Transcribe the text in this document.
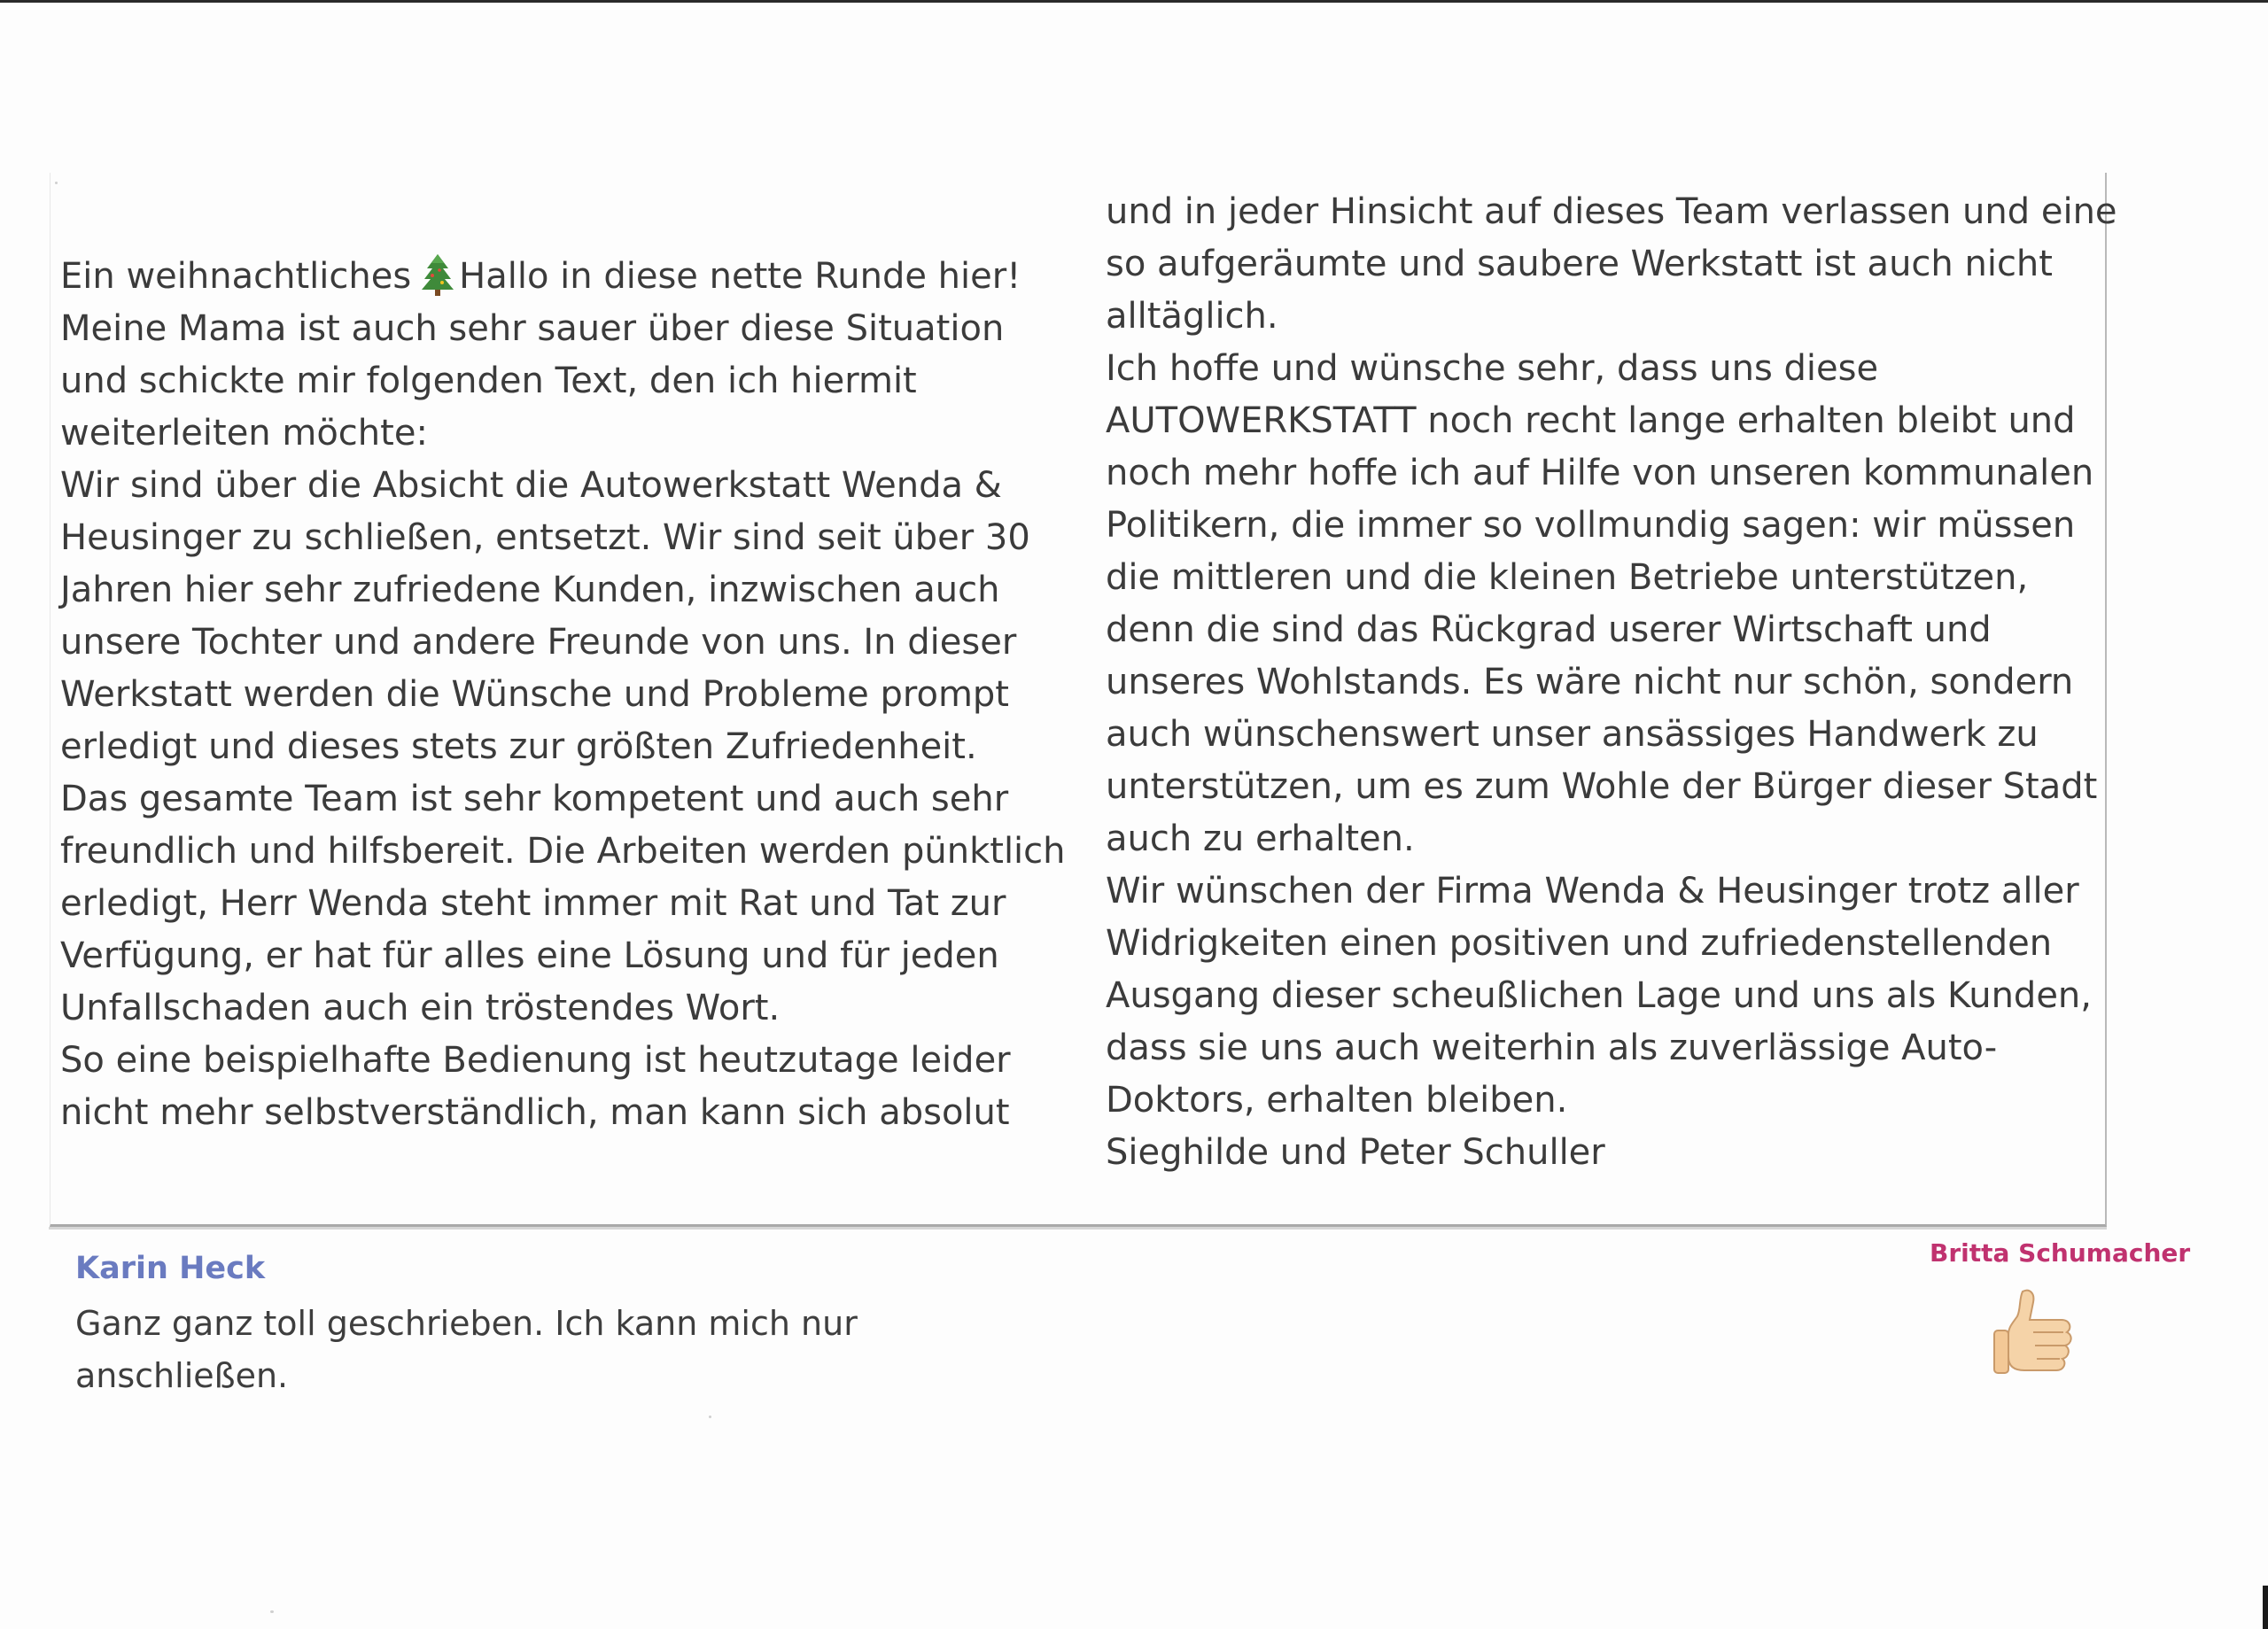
Ein weihnachtliches Hallo in diese nette Runde hier!
Meine Mama ist auch sehr sauer über diese Situation
und schickte mir folgenden Text, den ich hiermit
weiterleiten möchte:
Wir sind über die Absicht die Autowerkstatt Wenda &
Heusinger zu schließen, entsetzt. Wir sind seit über 30
Jahren hier sehr zufriedene Kunden, inzwischen auch
unsere Tochter und andere Freunde von uns. In dieser
Werkstatt werden die Wünsche und Probleme prompt
erledigt und dieses stets zur größten Zufriedenheit.
Das gesamte Team ist sehr kompetent und auch sehr
freundlich und hilfsbereit. Die Arbeiten werden pünktlich
erledigt, Herr Wenda steht immer mit Rat und Tat zur
Verfügung, er hat für alles eine Lösung und für jeden
Unfallschaden auch ein tröstendes Wort.
So eine beispielhafte Bedienung ist heutzutage leider
nicht mehr selbstverständlich, man kann sich absolut
und in jeder Hinsicht auf dieses Team verlassen und eine
so aufgeräumte und saubere Werkstatt ist auch nicht
alltäglich.
Ich hoffe und wünsche sehr, dass uns diese
AUTOWERKSTATT noch recht lange erhalten bleibt und
noch mehr hoffe ich auf Hilfe von unseren kommunalen
Politikern, die immer so vollmundig sagen: wir müssen
die mittleren und die kleinen Betriebe unterstützen,
denn die sind das Rückgrad userer Wirtschaft und
unseres Wohlstands. Es wäre nicht nur schön, sondern
auch wünschenswert unser ansässiges Handwerk zu
unterstützen, um es zum Wohle der Bürger dieser Stadt
auch zu erhalten.
Wir wünschen der Firma Wenda & Heusinger trotz aller
Widrigkeiten einen positiven und zufriedenstellenden
Ausgang dieser scheußlichen Lage und uns als Kunden,
dass sie uns auch weiterhin als zuverlässige Auto-
Doktors, erhalten bleiben.
Sieghilde und Peter Schuller
Karin Heck
Ganz ganz toll geschrieben. Ich kann mich nur
anschließen.
Britta Schumacher
